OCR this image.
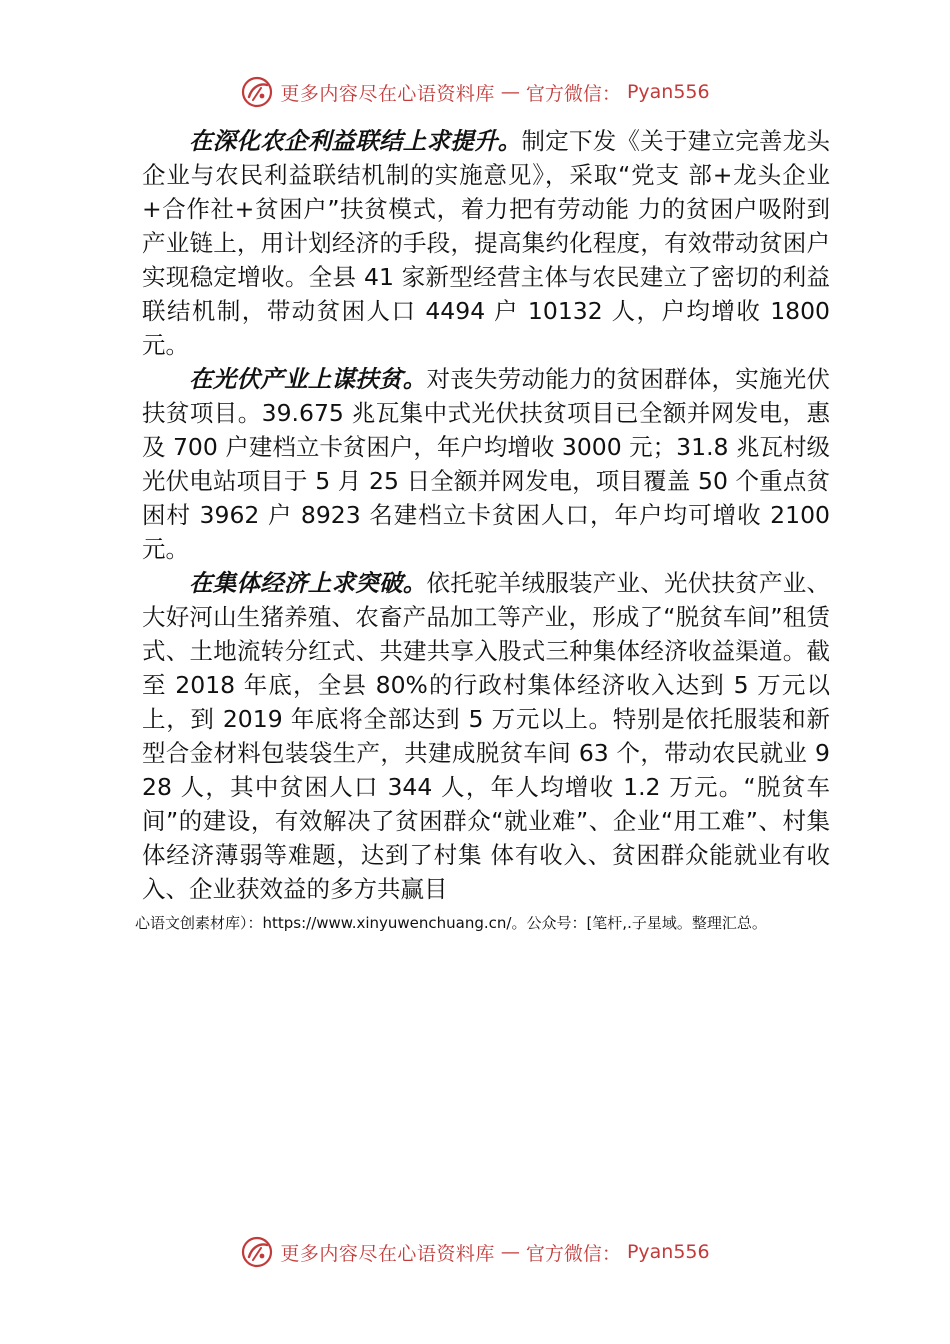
更多内容尽在心语资料库 — 官方微信： Pyan556

在深化农企利益联结上求提升。制定下发《关于建立完善龙头企业与农民利益联结机制的实施意见》，采取“党支 部+龙头企业+合作社+贫困户”扶贫模式，着力把有劳动能 力的贫困户吸附到产业链上，用计划经济的手段，提高集约化程度，有效带动贫困户实现稳定增收。全县 41 家新型经营主体与农民建立了密切的利益联结机制，带动贫困人口 4494 户 10132 人，户均增收 1800 元。

在光伏产业上谋扶贫。对丧失劳动能力的贫困群体，实施光伏扶贫项目。39.675 兆瓦集中式光伏扶贫项目已全额并网发电，惠及 700 户建档立卡贫困户，年户均增收 3000 元；31.8 兆瓦村级光伏电站项目于 5 月 25 日全额并网发电，项目覆盖 50 个重点贫困村 3962 户 8923 名建档立卡贫困人口，年户均可增收 2100 元。

在集体经济上求突破。依托驼羊绒服装产业、光伏扶贫产业、大好河山生猪养殖、农畜产品加工等产业，形成了“脱贫车间”租赁式、土地流转分红式、共建共享入股式三种集体经济收益渠道。截至 2018 年底，全县 80%的行政村集体经济收入达到 5 万元以上，到 2019 年底将全部达到 5 万元以上。特别是依托服装和新型合金材料包装袋生产，共建成脱贫车间 63 个，带动农民就业 928 人，其中贫困人口 344 人，年人均增收 1.2 万元。“脱贫车间”的建设，有效解决了贫困群众“就业难”、企业“用工难”、村集体经济薄弱等难题，达到了村集 体有收入、贫困群众能就业有收入、企业获效益的多方共赢目

心语文创素材库）：https://www.xinyuwenchuang.cn/。公众号：[笔杆,.子星域。整理汇总。
更多内容尽在心语资料库 — 官方微信： Pyan556
